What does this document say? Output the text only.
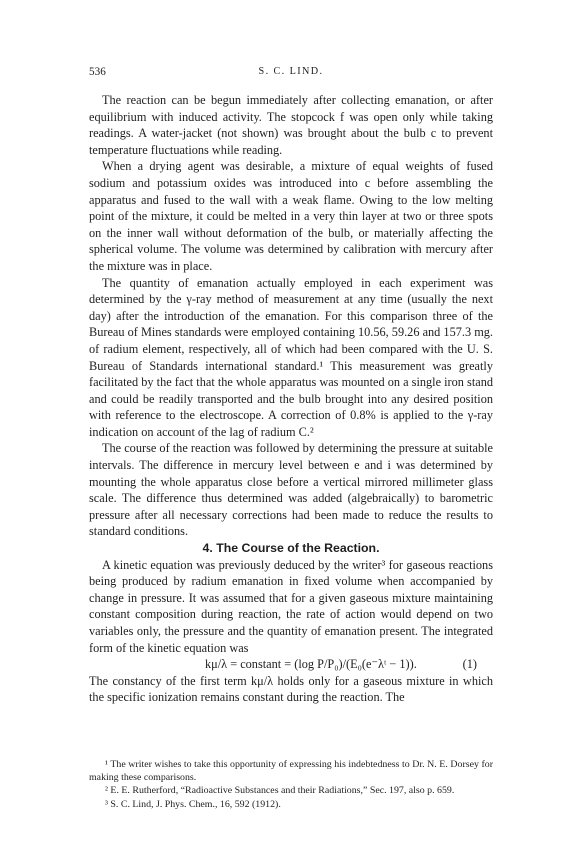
536	S. C. LIND.

The reaction can be begun immediately after collecting emanation, or after equilibrium with induced activity. The stopcock f was open only while taking readings. A water-jacket (not shown) was brought about the bulb c to prevent temperature fluctuations while reading.

When a drying agent was desirable, a mixture of equal weights of fused sodium and potassium oxides was introduced into c before assembling the apparatus and fused to the wall with a weak flame. Owing to the low melting point of the mixture, it could be melted in a very thin layer at two or three spots on the inner wall without deformation of the bulb, or materially affecting the spherical volume. The volume was determined by calibration with mercury after the mixture was in place.

The quantity of emanation actually employed in each experiment was determined by the γ-ray method of measurement at any time (usually the next day) after the introduction of the emanation. For this comparison three of the Bureau of Mines standards were employed containing 10.56, 59.26 and 157.3 mg. of radium element, respectively, all of which had been compared with the U. S. Bureau of Standards international standard.¹ This measurement was greatly facilitated by the fact that the whole apparatus was mounted on a single iron stand and could be readily transported and the bulb brought into any desired position with reference to the electroscope. A correction of 0.8% is applied to the γ-ray indication on account of the lag of radium C.²

The course of the reaction was followed by determining the pressure at suitable intervals. The difference in mercury level between e and i was determined by mounting the whole apparatus close before a vertical mirrored millimeter glass scale. The difference thus determined was added (algebraically) to barometric pressure after all necessary corrections had been made to reduce the results to standard conditions.

4. The Course of the Reaction.

A kinetic equation was previously deduced by the writer³ for gaseous reactions being produced by radium emanation in fixed volume when accompanied by change in pressure. It was assumed that for a given gaseous mixture maintaining constant composition during reaction, the rate of action would depend on two variables only, the pressure and the quantity of emanation present. The integrated form of the kinetic equation was

kμ/λ = constant = (log P/P₀)/(E₀(e⁻λᵗ − 1)).	(1)

The constancy of the first term kμ/λ holds only for a gaseous mixture in which the specific ionization remains constant during the reaction. The

¹ The writer wishes to take this opportunity of expressing his indebtedness to Dr. N. E. Dorsey for making these comparisons.

² E. E. Rutherford, “Radioactive Substances and their Radiations,” Sec. 197, also p. 659.

³ S. C. Lind, J. Phys. Chem., 16, 592 (1912).
